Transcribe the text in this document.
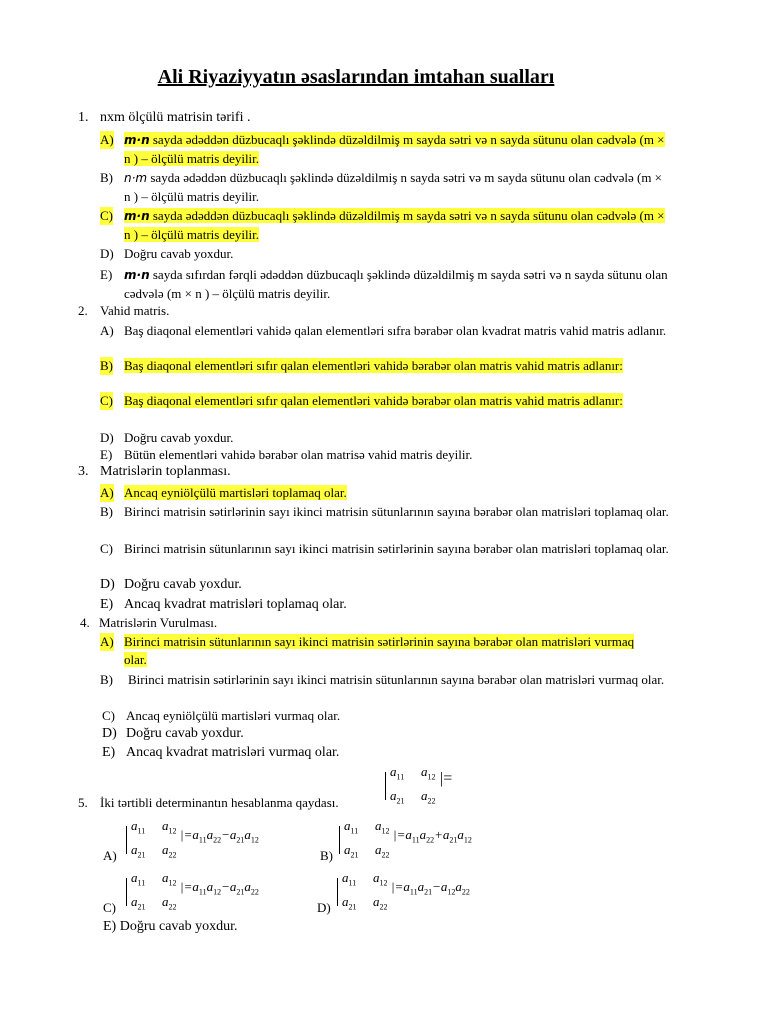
Ali Riyaziyyatın əsaslarından imtahan sualları
1. nxm ölçülü matrisin tərifi .
A) m·n sayda ədəddən düzbucaqlı şəklində düzəldilmiş m sayda sətri və n sayda sütunu olan cədvələ (m × n ) – ölçülü matris deyilir.
B) n·m sayda ədəddən düzbucaqlı şəklində düzəldilmiş n sayda sətri və m sayda sütunu olan cədvələ (m × n ) – ölçülü matris deyilir.
C) m·n sayda ədəddən düzbucaqlı şəklində düzəldilmiş m sayda sətri və n sayda sütunu olan cədvələ (m × n ) – ölçülü matris deyilir.
D) Doğru cavab yoxdur.
E) m·n sayda sıfırdan fərqli ədəddən düzbucaqlı şəklində düzəldilmiş m sayda sətri və n sayda sütunu olan cədvələ (m × n ) – ölçülü matris deyilir.
2. Vahid matris.
A) Baş diaqonal elementləri vahidə qalan elementləri sıfra bərabər olan kvadrat matris vahid matris adlanır.
B) Baş diaqonal elementləri sıfır qalan elementləri vahidə bərabər olan matris vahid matris adlanır:
C) Baş diaqonal elementləri sıfır qalan elementləri vahidə bərabər olan matris vahid matris adlanır:
D) Doğru cavab yoxdur.
E) Bütün elementləri vahidə bərabər olan matrisə vahid matris deyilir.
3. Matrislərin toplanması.
A) Ancaq eyniölçülü martisləri toplamaq olar.
B) Birinci matrisin sətirlərinin sayı ikinci matrisin sütunlarının sayına bərabər olan matrisləri toplamaq olar.
C) Birinci matrisin sütunlarının sayı ikinci matrisin sətirlərinin sayına bərabər olan matrisləri toplamaq olar.
D) Doğru cavab yoxdur.
E) Ancaq kvadrat matrisləri toplamaq olar.
4. Matrislərin Vurulması.
A) Birinci matrisin sütunlarının sayı ikinci matrisin sətirlərinin sayına bərabər olan matrisləri vurmaq olar.
B) Birinci matrisin sətirlərinin sayı ikinci matrisin sütunlarının sayına bərabər olan matrisləri vurmaq olar.
C) Ancaq eyniölçülü martisləri vurmaq olar.
D) Doğru cavab yoxdur.
E) Ancaq kvadrat matrisləri vurmaq olar.
$a_{11}$ $a_{12}$
$a_{21}$ $a_{22}$
|=
5. İki tərtibli determinantın hesablanma qaydası.
A)
$a_{11}$ $a_{12}$
$a_{21}$ $a_{22}$
$|=a_{11}a_{22}-a_{21}a_{12}$
B)
$a_{11}$ $a_{12}$
$a_{21}$ $a_{22}$
$|=a_{11}a_{22}+a_{21}a_{12}$
C)
$a_{11}$ $a_{12}$
$a_{21}$ $a_{22}$
$|=a_{11}a_{12}-a_{21}a_{22}$
D)
$a_{11}$ $a_{12}$
$a_{21}$ $a_{22}$
$|=a_{11}a_{21}-a_{12}a_{22}$
E) Doğru cavab yoxdur.
